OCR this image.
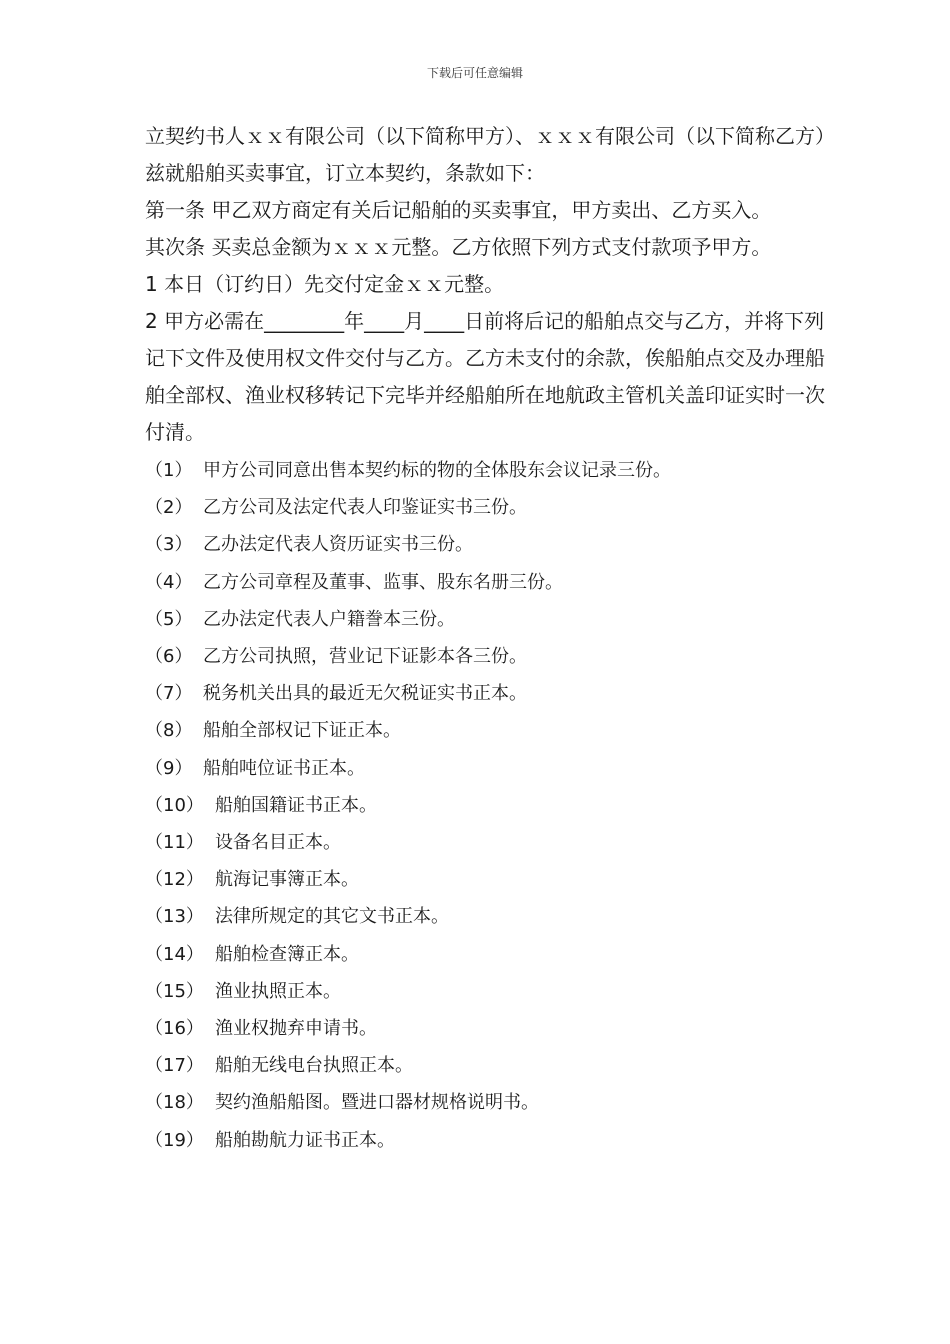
下载后可任意编辑

立契约书人ｘｘ有限公司（以下简称甲方）、ｘｘｘ有限公司（以下简称乙方）兹就船舶买卖事宜，订立本契约，条款如下：

第一条 甲乙双方商定有关后记船舶的买卖事宜，甲方卖出、乙方买入。

其次条 买卖总金额为ｘｘｘ元整。乙方依照下列方式支付款项予甲方。

1 本日（订约日）先交付定金ｘｘ元整。

2 甲方必需在________年____月____日前将后记的船舶点交与乙方，并将下列记下文件及使用权文件交付与乙方。乙方未支付的余款，俟船舶点交及办理船舶全部权、渔业权移转记下完毕并经船舶所在地航政主管机关盖印证实时一次付清。

（1） 甲方公司同意出售本契约标的物的全体股东会议记录三份。

（2） 乙方公司及法定代表人印鉴证实书三份。

（3） 乙办法定代表人资历证实书三份。

（4） 乙方公司章程及董事、监事、股东名册三份。

（5） 乙办法定代表人户籍誊本三份。

（6） 乙方公司执照，营业记下证影本各三份。

（7） 税务机关出具的最近无欠税证实书正本。

（8） 船舶全部权记下证正本。

（9） 船舶吨位证书正本。

（10） 船舶国籍证书正本。

（11） 设备名目正本。

（12） 航海记事簿正本。

（13） 法律所规定的其它文书正本。

（14） 船舶检查簿正本。

（15） 渔业执照正本。

（16） 渔业权抛弃申请书。

（17） 船舶无线电台执照正本。

（18） 契约渔船船图。暨进口器材规格说明书。

（19） 船舶勘航力证书正本。
